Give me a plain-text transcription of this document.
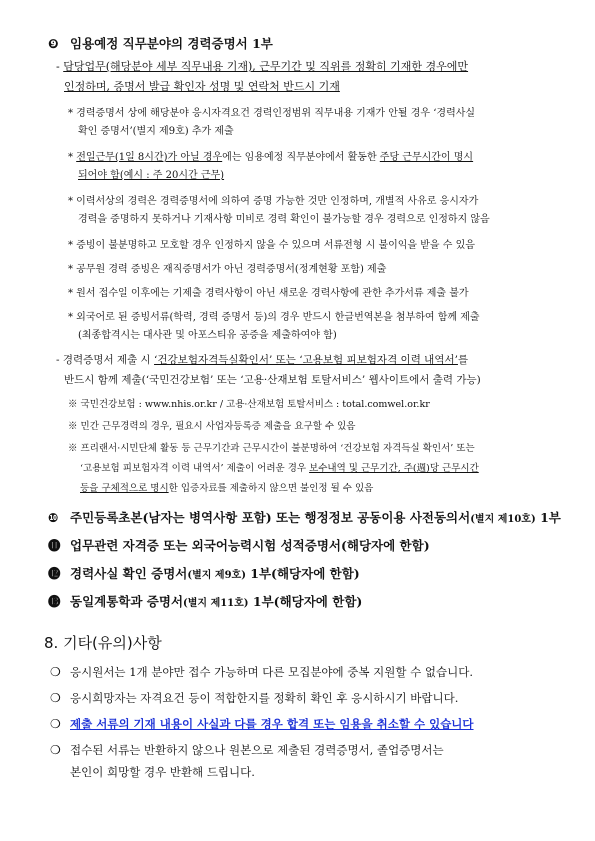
❾ 임용예정 직무분야의 경력증명서 1부
- 담당업무(해당분야 세부 직무내용 기재), 근무기간 및 직위를 정확히 기재한 경우에만
인정하며, 증명서 발급 확인자 성명 및 연락처 반드시 기재
* 경력증명서 상에 해당분야 응시자격요건 경력인정범위 직무내용 기재가 안될 경우 ‘경력사실
확인 증명서’(별지 제9호) 추가 제출
* 전일근무(1일 8시간)가 아닐 경우에는 임용예정 직무분야에서 활동한 주당 근무시간이 명시
되어야 함(예시 : 주 20시간 근무)
* 이력서상의 경력은 경력증명서에 의하여 증명 가능한 것만 인정하며, 개별적 사유로 응시자가
경력을 증명하지 못하거나 기재사항 미비로 경력 확인이 불가능할 경우 경력으로 인정하지 않음
* 증빙이 불분명하고 모호할 경우 인정하지 않을 수 있으며 서류전형 시 불이익을 받을 수 있음
* 공무원 경력 증빙은 재직증명서가 아닌 경력증명서(정계현황 포함) 제출
* 원서 접수일 이후에는 기제출 경력사항이 아닌 새로운 경력사항에 관한 추가서류 제출 불가
* 외국어로 된 증빙서류(학력, 경력 증명서 등)의 경우 반드시 한글번역본을 첨부하여 함께 제출
(최종합격시는 대사관 및 아포스티유 공증을 제출하여야 함)
- 경력증명서 제출 시 ‘건강보험자격득실확인서’ 또는 ‘고용보험 피보험자격 이력 내역서’를
반드시 함께 제출(‘국민건강보험’ 또는 ‘고용·산재보험 토탈서비스’ 웹사이트에서 출력 가능)
※ 국민건강보험 : www.nhis.or.kr / 고용·산재보험 토탈서비스 : total.comwel.or.kr
※ 민간 근무경력의 경우, 필요시 사업자등록증 제출을 요구할 수 있음
※ 프리랜서·시민단체 활동 등 근무기간과 근무시간이 불분명하여 ‘건강보험 자격득실 확인서’ 또는
‘고용보험 피보험자격 이력 내역서’ 제출이 어려운 경우 보수내역 및 근무기간, 주(週)당 근무시간
등을 구체적으로 명시한 입증자료를 제출하지 않으면 불인정 될 수 있음
❿ 주민등록초본(남자는 병역사항 포함) 또는 행정정보 공동이용 사전동의서(별지 제10호) 1부
⓫ 업무관련 자격증 또는 외국어능력시험 성적증명서(해당자에 한함)
⓬ 경력사실 확인 증명서(별지 제9호) 1부(해당자에 한함)
⓭ 동일계통학과 증명서(별지 제11호) 1부(해당자에 한함)
8. 기타(유의)사항
❍ 응시원서는 1개 분야만 접수 가능하며 다른 모집분야에 중복 지원할 수 없습니다.
❍ 응시희망자는 자격요건 등이 적합한지를 정확히 확인 후 응시하시기 바랍니다.
❍ 제출 서류의 기재 내용이 사실과 다를 경우 합격 또는 임용을 취소할 수 있습니다
❍ 접수된 서류는 반환하지 않으나 원본으로 제출된 경력증명서, 졸업증명서는
본인이 희망할 경우 반환해 드립니다.
